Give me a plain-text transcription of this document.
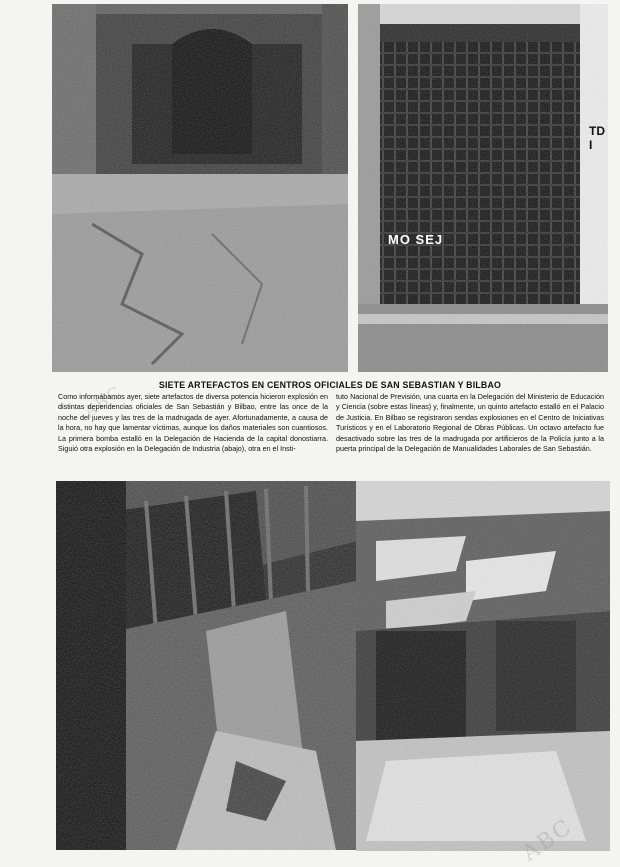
MO SEJ
TDI
ABC	SIETE ARTEFACTOS EN CENTROS OFICIALES DE SAN SEBASTIAN Y BILBAO
Como informábamos ayer, siete artefactos de diversa potencia hicieron explosión en distintas dependencias oficiales de San Sebastián y Bilbao, entre las once de la noche del jueves y las tres de la madrugada de ayer. Afortunadamente, a causa de la hora, no hay que lamentar víctimas, aunque los daños materiales son cuantiosos. La primera bomba estalló en la Delegación de Hacienda de la capital donostiarra. Siguió otra explosión en la Delegación de Industria (abajo), otra en el Insti-
tuto Nacional de Previsión, una cuarta en la Delegación del Ministerio de Educación y Ciencia (sobre estas líneas) y, finalmente, un quinto artefacto estalló en el Palacio de Justicia. En Bilbao se registraron sendas explosiones en el Centro de Iniciativas Turísticos y en el Laboratorio Regional de Obras Públicas. Un octavo artefacto fue desactivado sobre las tres de la madrugada por artificieros de la Policía junto a la puerta principal de la Delegación de Manualidades Laborales de San Sebastián.
ABC
